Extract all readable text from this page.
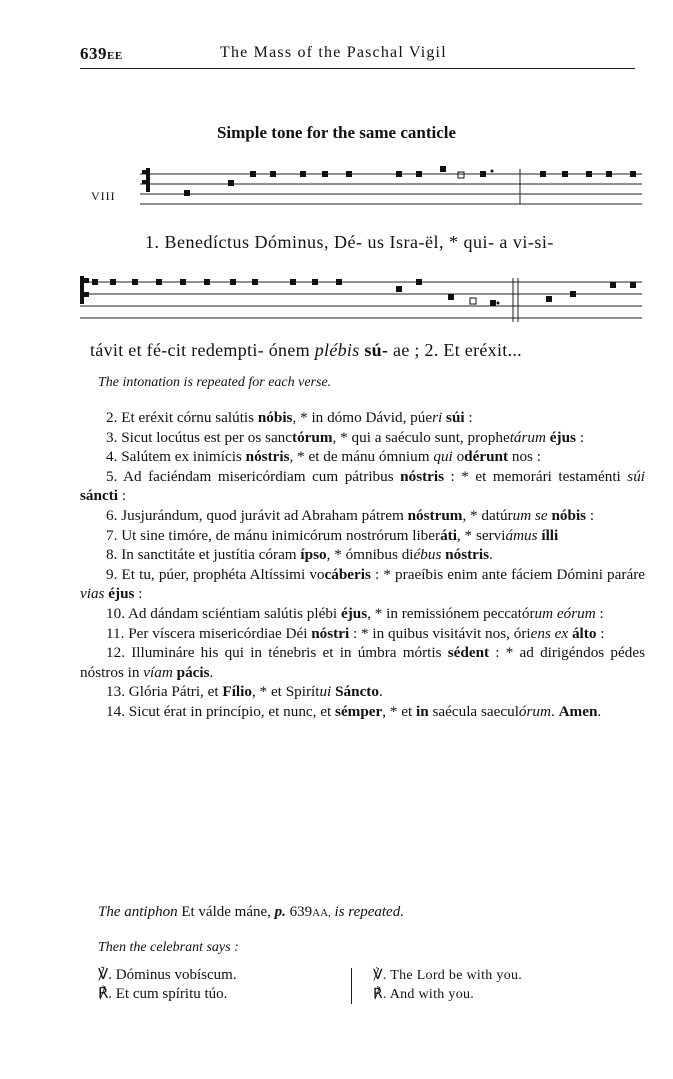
639EE	The Mass of the Paschal Vigil
Simple tone for the same canticle
VIII
1. Benedíctus Dóminus, Dé- us Isra-ël, * qui- a vi-si-
távit et fé-cit redempti- ónem plébis sú- ae ; 2. Et eréxit...
The intonation is repeated for each verse.

2. Et eréxit córnu salútis nóbis, * in dómo Dávid, púeri súi :

3. Sicut locútus est per os sanctórum, * qui a saéculo sunt, prophetárum éjus :

4. Salútem ex inimícis nóstris, * et de mánu ómnium qui odérunt nos :

5. Ad faciéndam misericórdiam cum pátribus nóstris : * et memorári testaménti súi sáncti :

6. Jusjurándum, quod jurávit ad Abraham pátrem nóstrum, * datúrum se nóbis :

7. Ut sine timóre, de mánu inimicórum nostrórum liberáti, * serviámus ílli

8. In sanctitáte et justítia córam ípso, * ómnibus diébus nóstris.

9. Et tu, púer, prophéta Altíssimi vocáberis : * praeíbis enim ante fáciem Dómini paráre vias éjus :

10. Ad dándam sciéntiam salútis plébi éjus, * in remissiónem peccatórum eórum :

11. Per víscera misericórdiae Déi nóstri : * in quibus visitávit nos, óriens ex álto :

12. Illumináre his qui in ténebris et in úmbra mórtis sédent : * ad dirigéndos pédes nóstros in víam pácis.

13. Glória Pátri, et Fílio, * et Spirítui Sáncto.

14. Sicut érat in princípio, et nunc, et sémper, * et in saécula saeculórum. Amen.

The antiphon Et válde máne, p. 639AA, is repeated.
Then the celebrant says :
℣. Dóminus vobíscum.
℟. Et cum spíritu túo.
℣. The Lord be with you.
℟. And with you.
